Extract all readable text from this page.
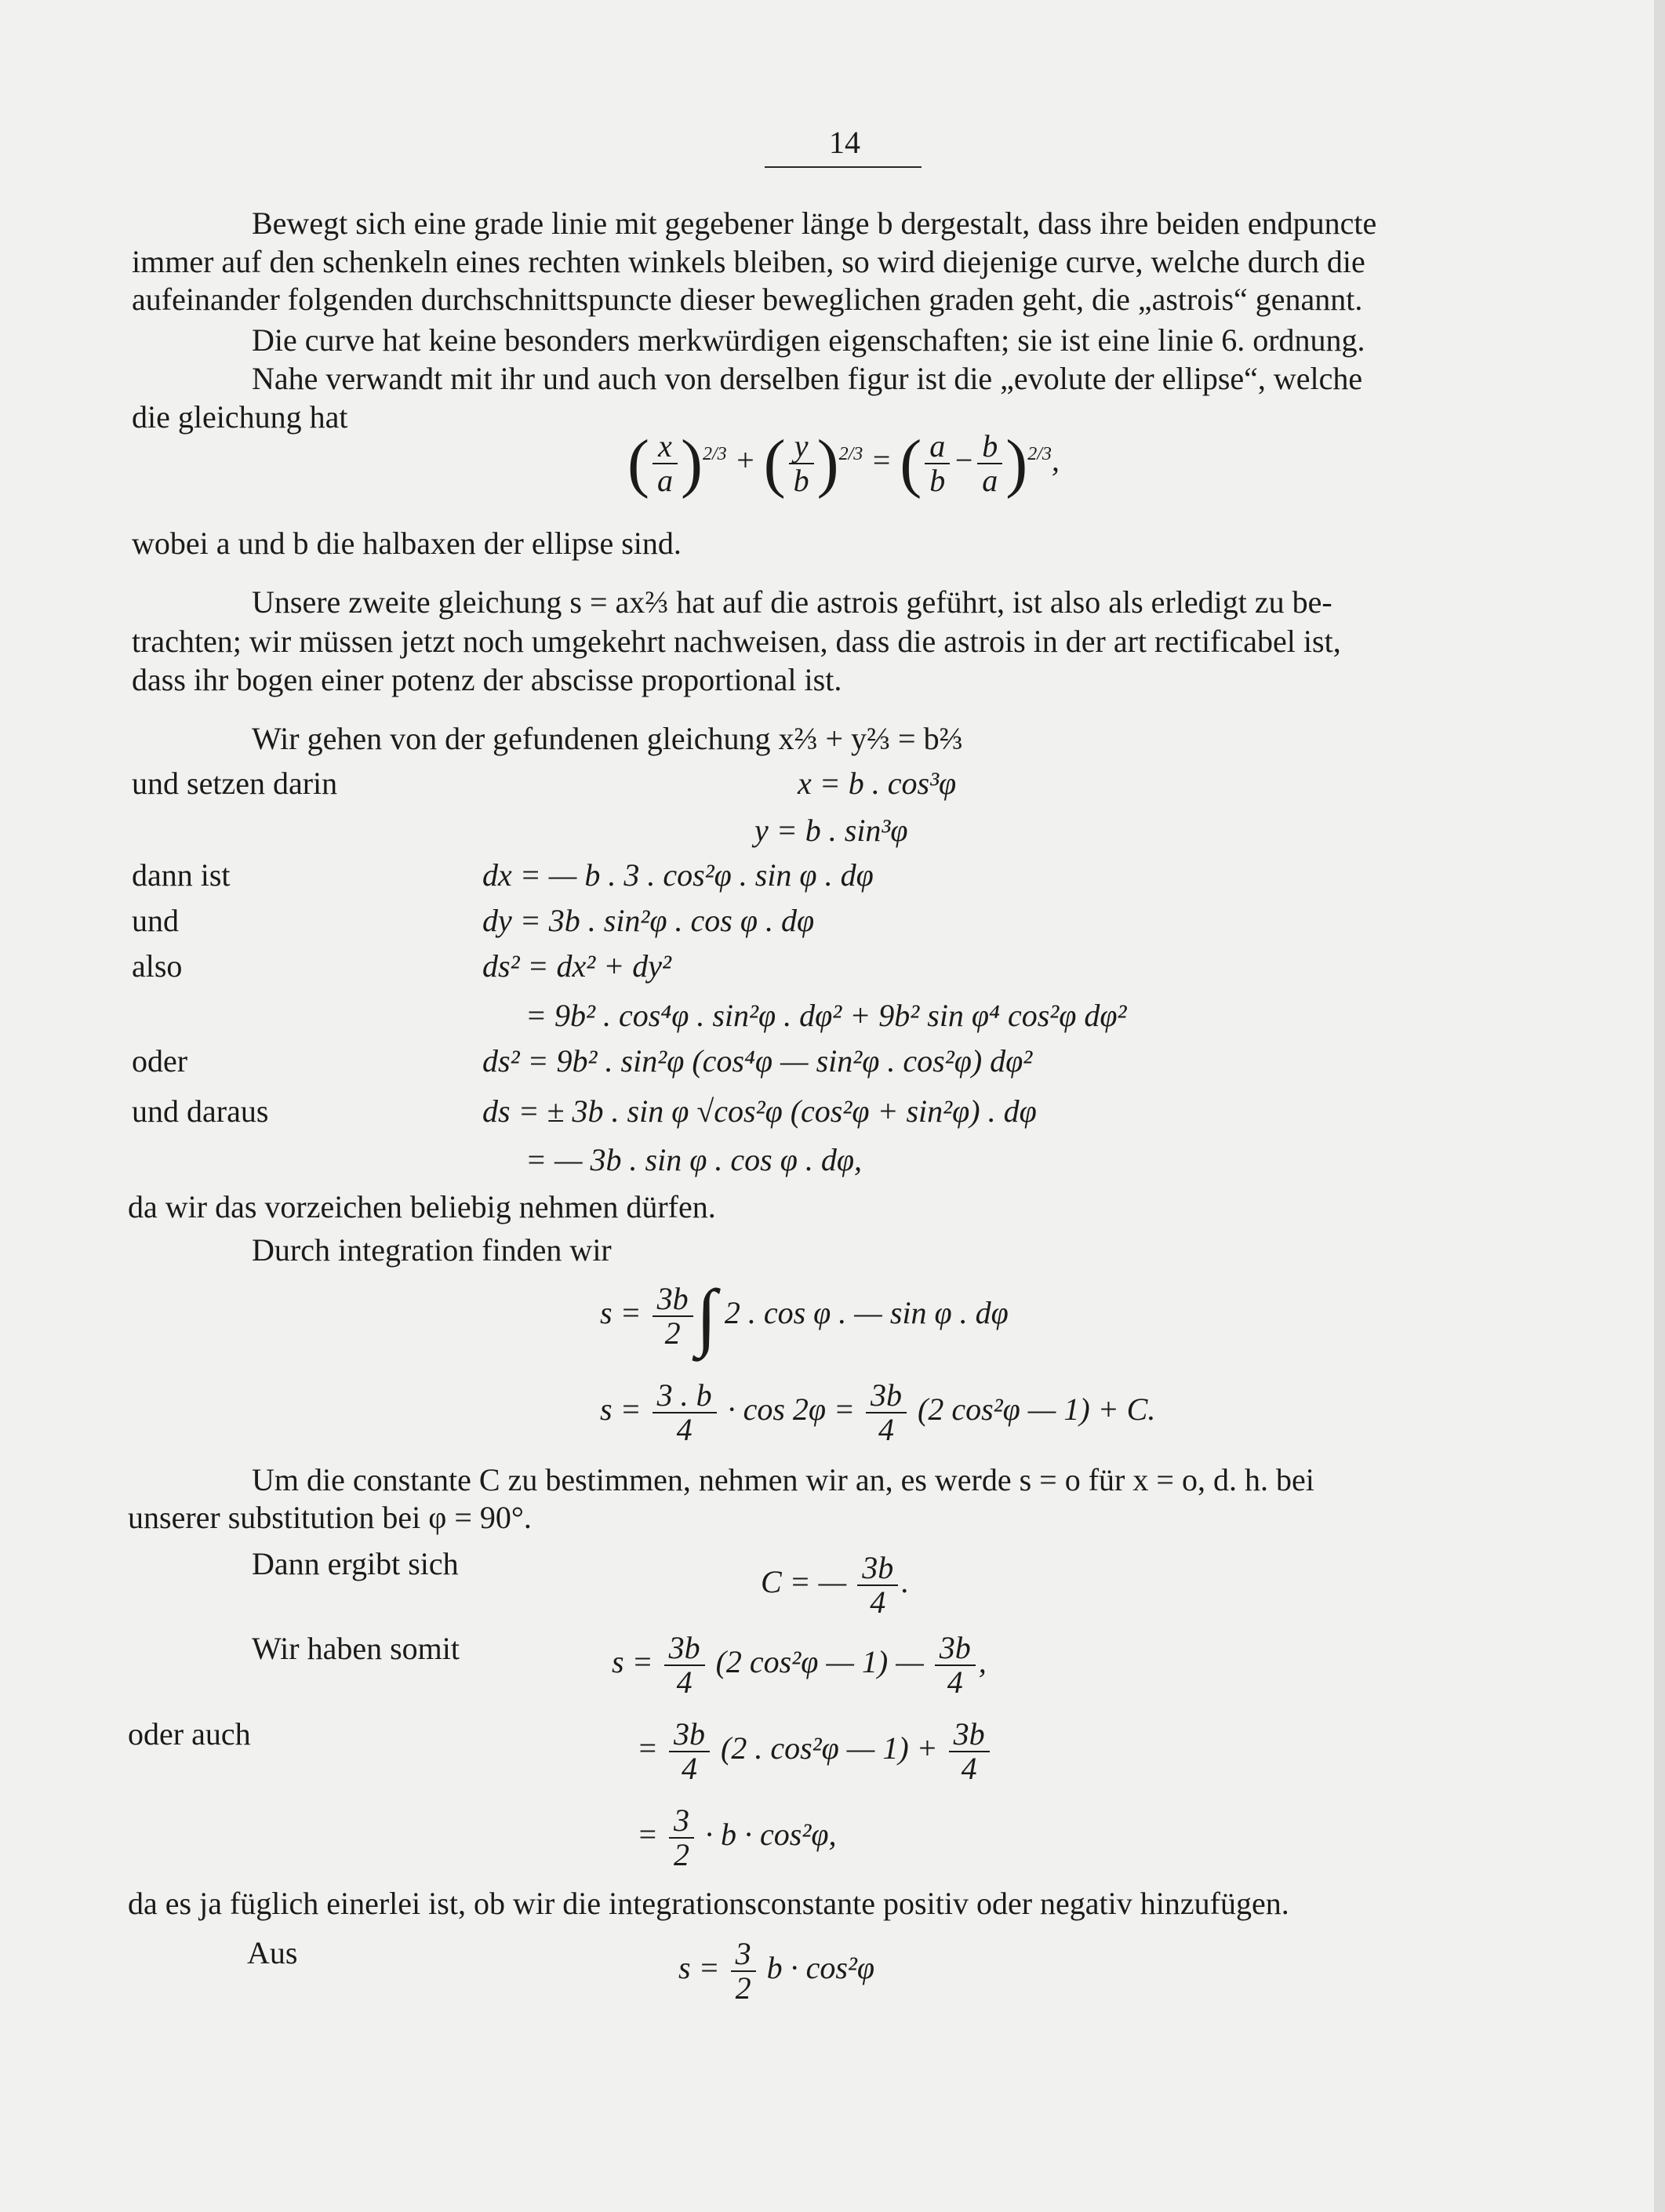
14
Bewegt sich eine grade linie mit gegebener länge b dergestalt, dass ihre beiden endpuncte
immer auf den schenkeln eines rechten winkels bleiben, so wird diejenige curve, welche durch die
aufeinander folgenden durchschnittspuncte dieser beweglichen graden geht, die „astrois“ genannt.
Die curve hat keine besonders merkwürdigen eigenschaften; sie ist eine linie 6. ordnung.
Nahe verwandt mit ihr und auch von derselben figur ist die „evolute der ellipse“, welche
die gleichung hat
( $\frac{x}{a} )^{2/3}$ + ( $\frac{y}{b} )^{2/3}$ = ( $\frac{a}{b} - \frac{b}{a} )^{2/3}$,
wobei a und b die halbaxen der ellipse sind.
Unsere zweite gleichung s = ax⅔ hat auf die astrois geführt, ist also als erledigt zu be-
trachten; wir müssen jetzt noch umgekehrt nachweisen, dass die astrois in der art rectificabel ist,
dass ihr bogen einer potenz der abscisse proportional ist.
Wir gehen von der gefundenen gleichung x⅔ + y⅔ = b⅔
und setzen darin	x = b . cos³φ
y = b . sin³φ
dann ist	dx = — b . 3 . cos²φ . sin φ . dφ
und	dy = 3b . sin²φ . cos φ . dφ
also	ds² = dx² + dy²
= 9b² . cos⁴φ . sin²φ . dφ² + 9b² sin φ⁴ cos²φ dφ²
oder	ds² = 9b² . sin²φ (cos⁴φ — sin²φ . cos²φ) dφ²
und daraus	ds = ± 3b . sin φ √cos²φ (cos²φ + sin²φ) . dφ
= — 3b . sin φ . cos φ . dφ,
da wir das vorzeichen beliebig nehmen dürfen.
Durch integration finden wir
$s = \frac{3b}{2}$ ∫ 2 . cos φ . — sin φ . dφ
$s = \frac{3 . b}{4} \cdot \cos 2\varphi = \frac{3b}{4} (2$ cos²φ — 1) + C.
Um die constante C zu bestimmen, nehmen wir an, es werde s = o für x = o, d. h. bei
unserer substitution bei φ = 90°.
Dann ergibt sich
C = — $\frac{3b}{4}$ .
Wir haben somit	$s = \frac{3b}{4} (2$ cos²φ — 1) — $\frac{3b}{4}$ ,
oder auch	= $\frac{3b}{4} (2$ . cos²φ — $1) + \frac{3b}{4}$
= $\frac{3}{2} \cdot b \cdot \cos^2\varphi$,
da es ja füglich einerlei ist, ob wir die integrationsconstante positiv oder negativ hinzufügen.
Aus	$s = \frac{3}{2}$ b · cos²φ
